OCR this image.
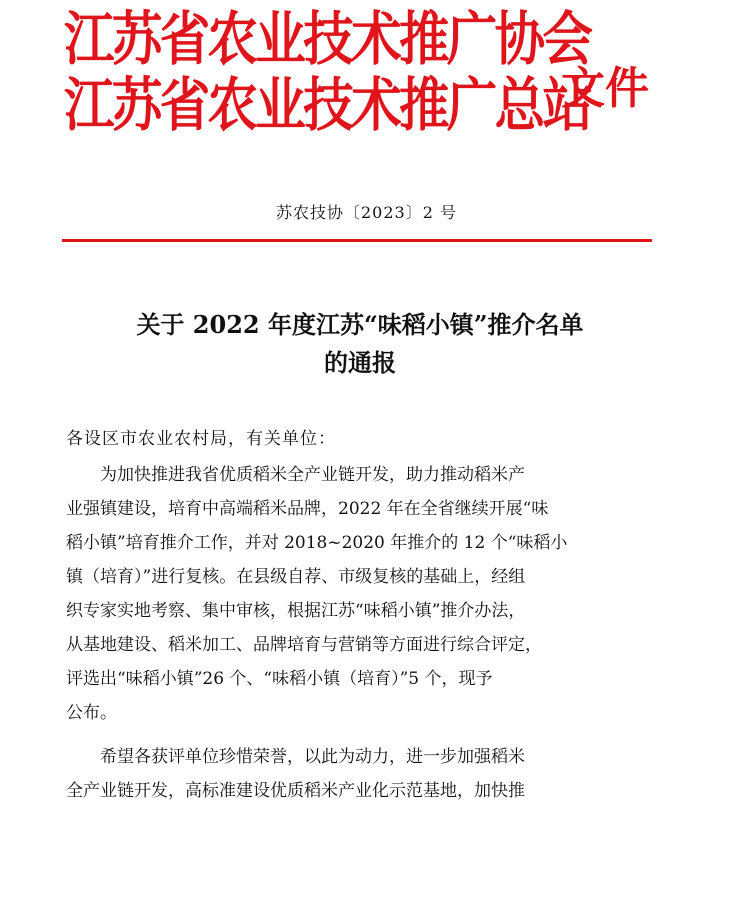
江苏省农业技术推广协会
江苏省农业技术推广总站
文件
苏农技协〔2023〕2 号
关于 2022 年度江苏“味稻小镇”推介名单
的通报
各设区市农业农村局，有关单位：
　　为加快推进我省优质稻米全产业链开发，助力推动稻米产
业强镇建设，培育中高端稻米品牌，2022 年在全省继续开展“味
稻小镇”培育推介工作，并对 2018~2020 年推介的 12 个“味稻小
镇（培育）”进行复核。在县级自荐、市级复核的基础上，经组
织专家实地考察、集中审核，根据江苏“味稻小镇”推介办法，
从基地建设、稻米加工、品牌培育与营销等方面进行综合评定，
评选出“味稻小镇”26 个、“味稻小镇（培育）”5 个，现予
公布。
　　希望各获评单位珍惜荣誉，以此为动力，进一步加强稻米
全产业链开发，高标准建设优质稻米产业化示范基地，加快推
